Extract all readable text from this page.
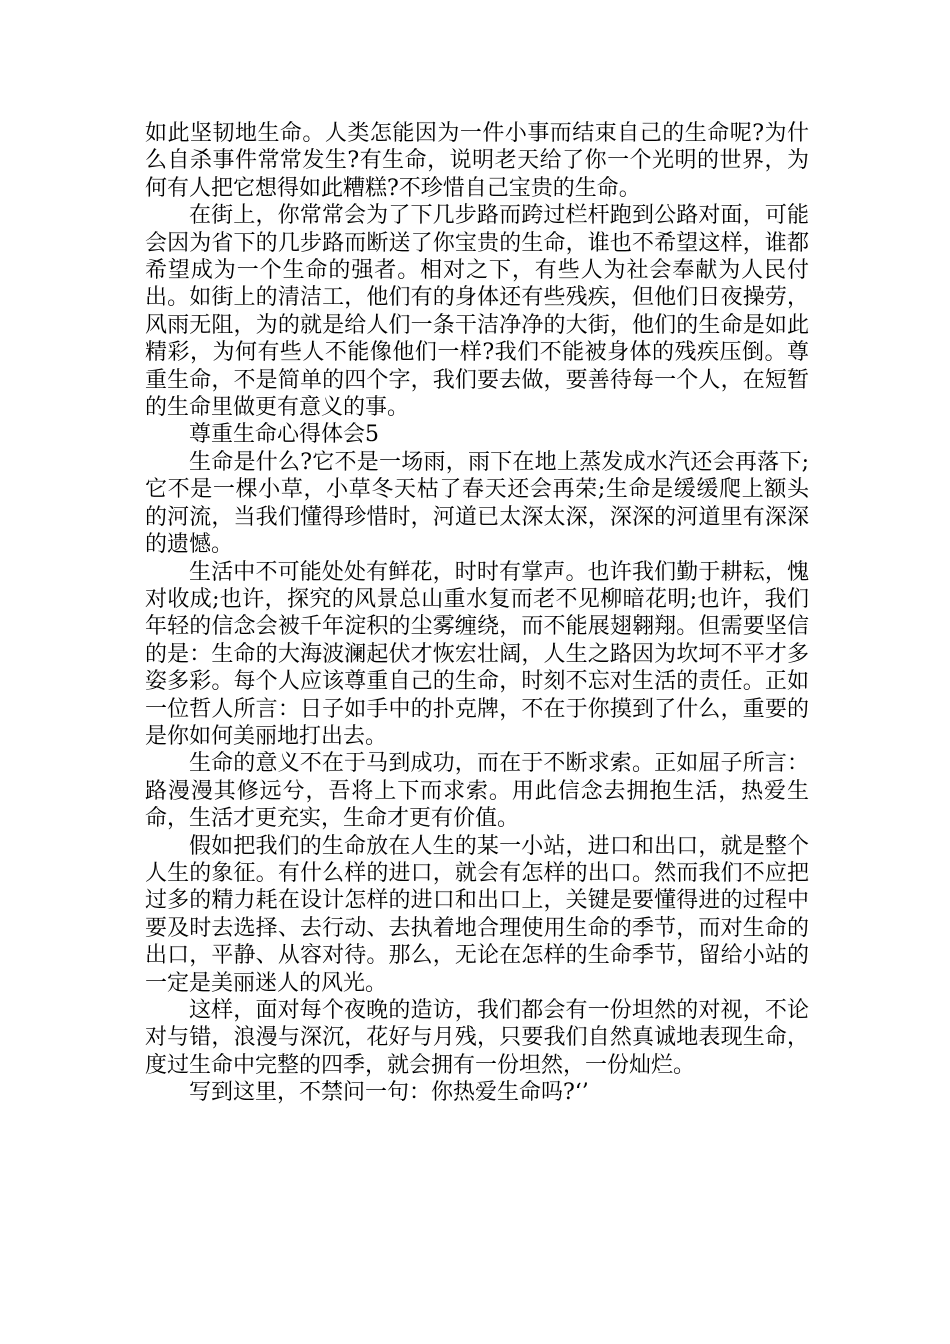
如此坚韧地生命。人类怎能因为一件小事而结束自己的生命呢?为什么自杀事件常常发生?有生命，说明老天给了你一个光明的世界，为何有人把它想得如此糟糕?不珍惜自己宝贵的生命。

在街上，你常常会为了下几步路而跨过栏杆跑到公路对面，可能会因为省下的几步路而断送了你宝贵的生命，谁也不希望这样，谁都希望成为一个生命的强者。相对之下，有些人为社会奉献为人民付出。如街上的清洁工，他们有的身体还有些残疾，但他们日夜操劳，风雨无阻，为的就是给人们一条干洁净净的大街，他们的生命是如此精彩，为何有些人不能像他们一样?我们不能被身体的残疾压倒。尊重生命，不是简单的四个字，我们要去做，要善待每一个人，在短暂的生命里做更有意义的事。

尊重生命心得体会5

生命是什么?它不是一场雨，雨下在地上蒸发成水汽还会再落下;它不是一棵小草，小草冬天枯了春天还会再荣;生命是缓缓爬上额头的河流，当我们懂得珍惜时，河道已太深太深，深深的河道里有深深的遗憾。

生活中不可能处处有鲜花，时时有掌声。也许我们勤于耕耘，愧对收成;也许，探究的风景总山重水复而老不见柳暗花明;也许，我们年轻的信念会被千年淀积的尘雾缠绕，而不能展翅翱翔。但需要坚信的是：生命的大海波澜起伏才恢宏壮阔，人生之路因为坎坷不平才多姿多彩。每个人应该尊重自己的生命，时刻不忘对生活的责任。正如一位哲人所言：日子如手中的扑克牌，不在于你摸到了什么，重要的是你如何美丽地打出去。

生命的意义不在于马到成功，而在于不断求索。正如屈子所言：路漫漫其修远兮，吾将上下而求索。用此信念去拥抱生活，热爱生命，生活才更充实，生命才更有价值。

假如把我们的生命放在人生的某一小站，进口和出口，就是整个人生的象征。有什么样的进口，就会有怎样的出口。然而我们不应把过多的精力耗在设计怎样的进口和出口上，关键是要懂得进的过程中要及时去选择、去行动、去执着地合理使用生命的季节，而对生命的出口，平静、从容对待。那么，无论在怎样的生命季节，留给小站的一定是美丽迷人的风光。

这样，面对每个夜晚的造访，我们都会有一份坦然的对视，不论对与错，浪漫与深沉，花好与月残，只要我们自然真诚地表现生命，度过生命中完整的四季，就会拥有一份坦然，一份灿烂。

写到这里，不禁问一句：你热爱生命吗?‘’
